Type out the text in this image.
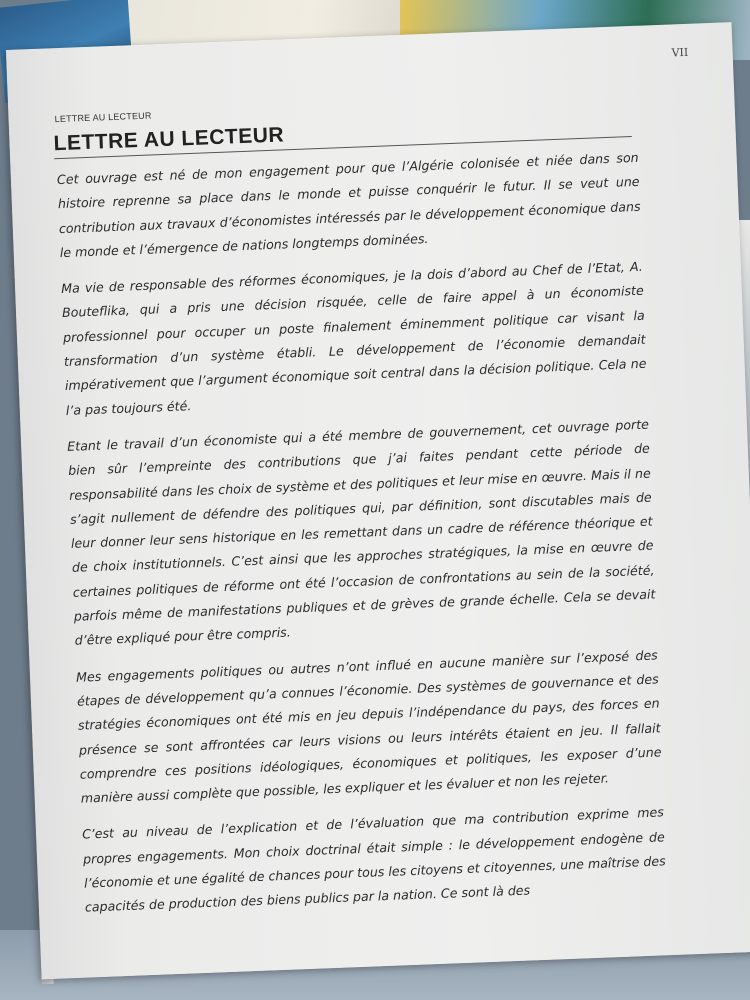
VII
LETTRE AU LECTEUR
LETTRE AU LECTEUR

Cet ouvrage est né de mon engagement pour que l’Algérie colonisée et niée dans son histoire reprenne sa place dans le monde et puisse conquérir le futur. Il se veut une contribution aux travaux d’économistes intéressés par le développement économique dans le monde et l’émergence de nations longtemps dominées.

Ma vie de responsable des réformes économiques, je la dois d’abord au Chef de l’Etat, A. Bouteflika, qui a pris une décision risquée, celle de faire appel à un économiste professionnel pour occuper un poste finalement éminemment politique car visant la transformation d’un système établi. Le développement de l’économie demandait impérativement que l’argument économique soit central dans la décision politique. Cela ne l’a pas toujours été.

Etant le travail d’un économiste qui a été membre de gouvernement, cet ouvrage porte bien sûr l’empreinte des contributions que j’ai faites pendant cette période de responsabilité dans les choix de système et des politiques et leur mise en œuvre. Mais il ne s’agit nullement de défendre des politiques qui, par définition, sont discutables mais de leur donner leur sens historique en les remettant dans un cadre de référence théorique et de choix institutionnels. C’est ainsi que les approches stratégiques, la mise en œuvre de certaines politiques de réforme ont été l’occasion de confrontations au sein de la société, parfois même de manifestations publiques et de grèves de grande échelle. Cela se devait d’être expliqué pour être compris.

Mes engagements politiques ou autres n’ont influé en aucune manière sur l’exposé des étapes de développement qu’a connues l’économie. Des systèmes de gouvernance et des stratégies économiques ont été mis en jeu depuis l’indépendance du pays, des forces en présence se sont affrontées car leurs visions ou leurs intérêts étaient en jeu. Il fallait comprendre ces positions idéologiques, économiques et politiques, les exposer d’une manière aussi complète que possible, les expliquer et les évaluer et non les rejeter.

C’est au niveau de l’explication et de l’évaluation que ma contribution exprime mes propres engagements. Mon choix doctrinal était simple : le développement endogène de l’économie et une égalité de chances pour tous les citoyens et citoyennes, une maîtrise des capacités de production des biens publics par la nation. Ce sont là des
